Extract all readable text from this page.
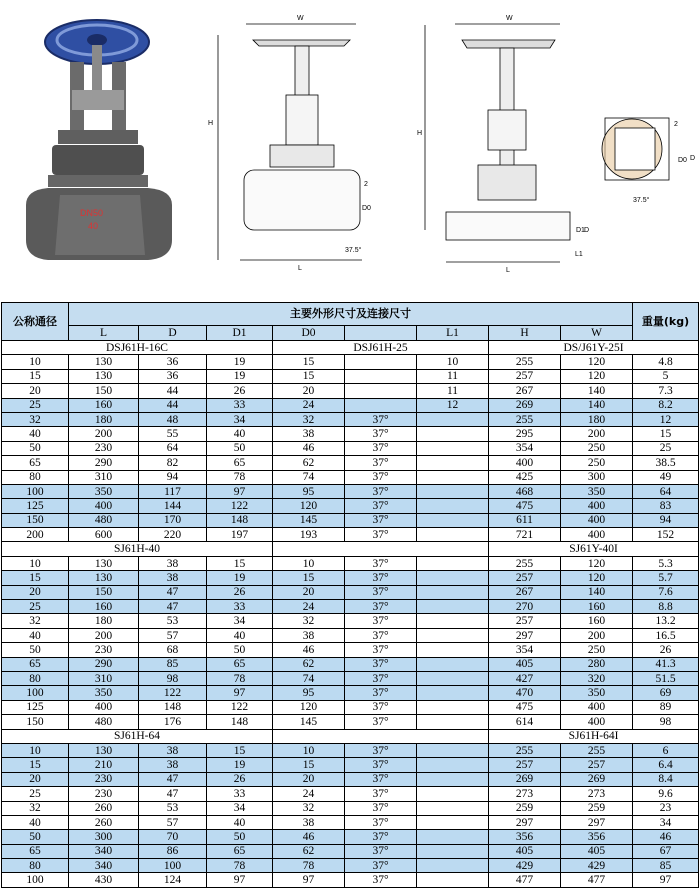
DN50
40
W
H
L
D0
2
37.5°
W
H
L
L1
D
D1
D
D0
2
37.5°
公称通径	主要外形尺寸及连接尺寸								重量(kg)
	L	D	D1	D0		L1	H	W	
DSJ61H-16C				DSJ61H-25			DS/J61Y-25I		
10	130	36	19	15		10	255	120	4.8
15	130	36	19	15		11	257	120	5
20	150	44	26	20		11	267	140	7.3
25	160	44	33	24		12	269	140	8.2
32	180	48	34	32	37°		255	180	12
40	200	55	40	38	37°		295	200	15
50	230	64	50	46	37°		354	250	25
65	290	82	65	62	37°		400	250	38.5
80	310	94	78	74	37°		425	300	49
100	350	117	97	95	37°		468	350	64
125	400	144	122	120	37°		475	400	83
150	480	170	148	145	37°		611	400	94
200	600	220	197	193	37°		721	400	152
SJ61H-40							SJ61Y-40I		
10	130	38	15	10	37°		255	120	5.3
15	130	38	19	15	37°		257	120	5.7
20	150	47	26	20	37°		267	140	7.6
25	160	47	33	24	37°		270	160	8.8
32	180	53	34	32	37°		257	160	13.2
40	200	57	40	38	37°		297	200	16.5
50	230	68	50	46	37°		354	250	26
65	290	85	65	62	37°		405	280	41.3
80	310	98	78	74	37°		427	320	51.5
100	350	122	97	95	37°		470	350	69
125	400	148	122	120	37°		475	400	89
150	480	176	148	145	37°		614	400	98
SJ61H-64							SJ61H-64I		
10	130	38	15	10	37°		255	255	6
15	210	38	19	15	37°		257	257	6.4
20	230	47	26	20	37°		269	269	8.4
25	230	47	33	24	37°		273	273	9.6
32	260	53	34	32	37°		259	259	23
40	260	57	40	38	37°		297	297	34
50	300	70	50	46	37°		356	356	46
65	340	86	65	62	37°		405	405	67
80	340	100	78	78	37°		429	429	85
100	430	124	97	97	37°		477	477	97
